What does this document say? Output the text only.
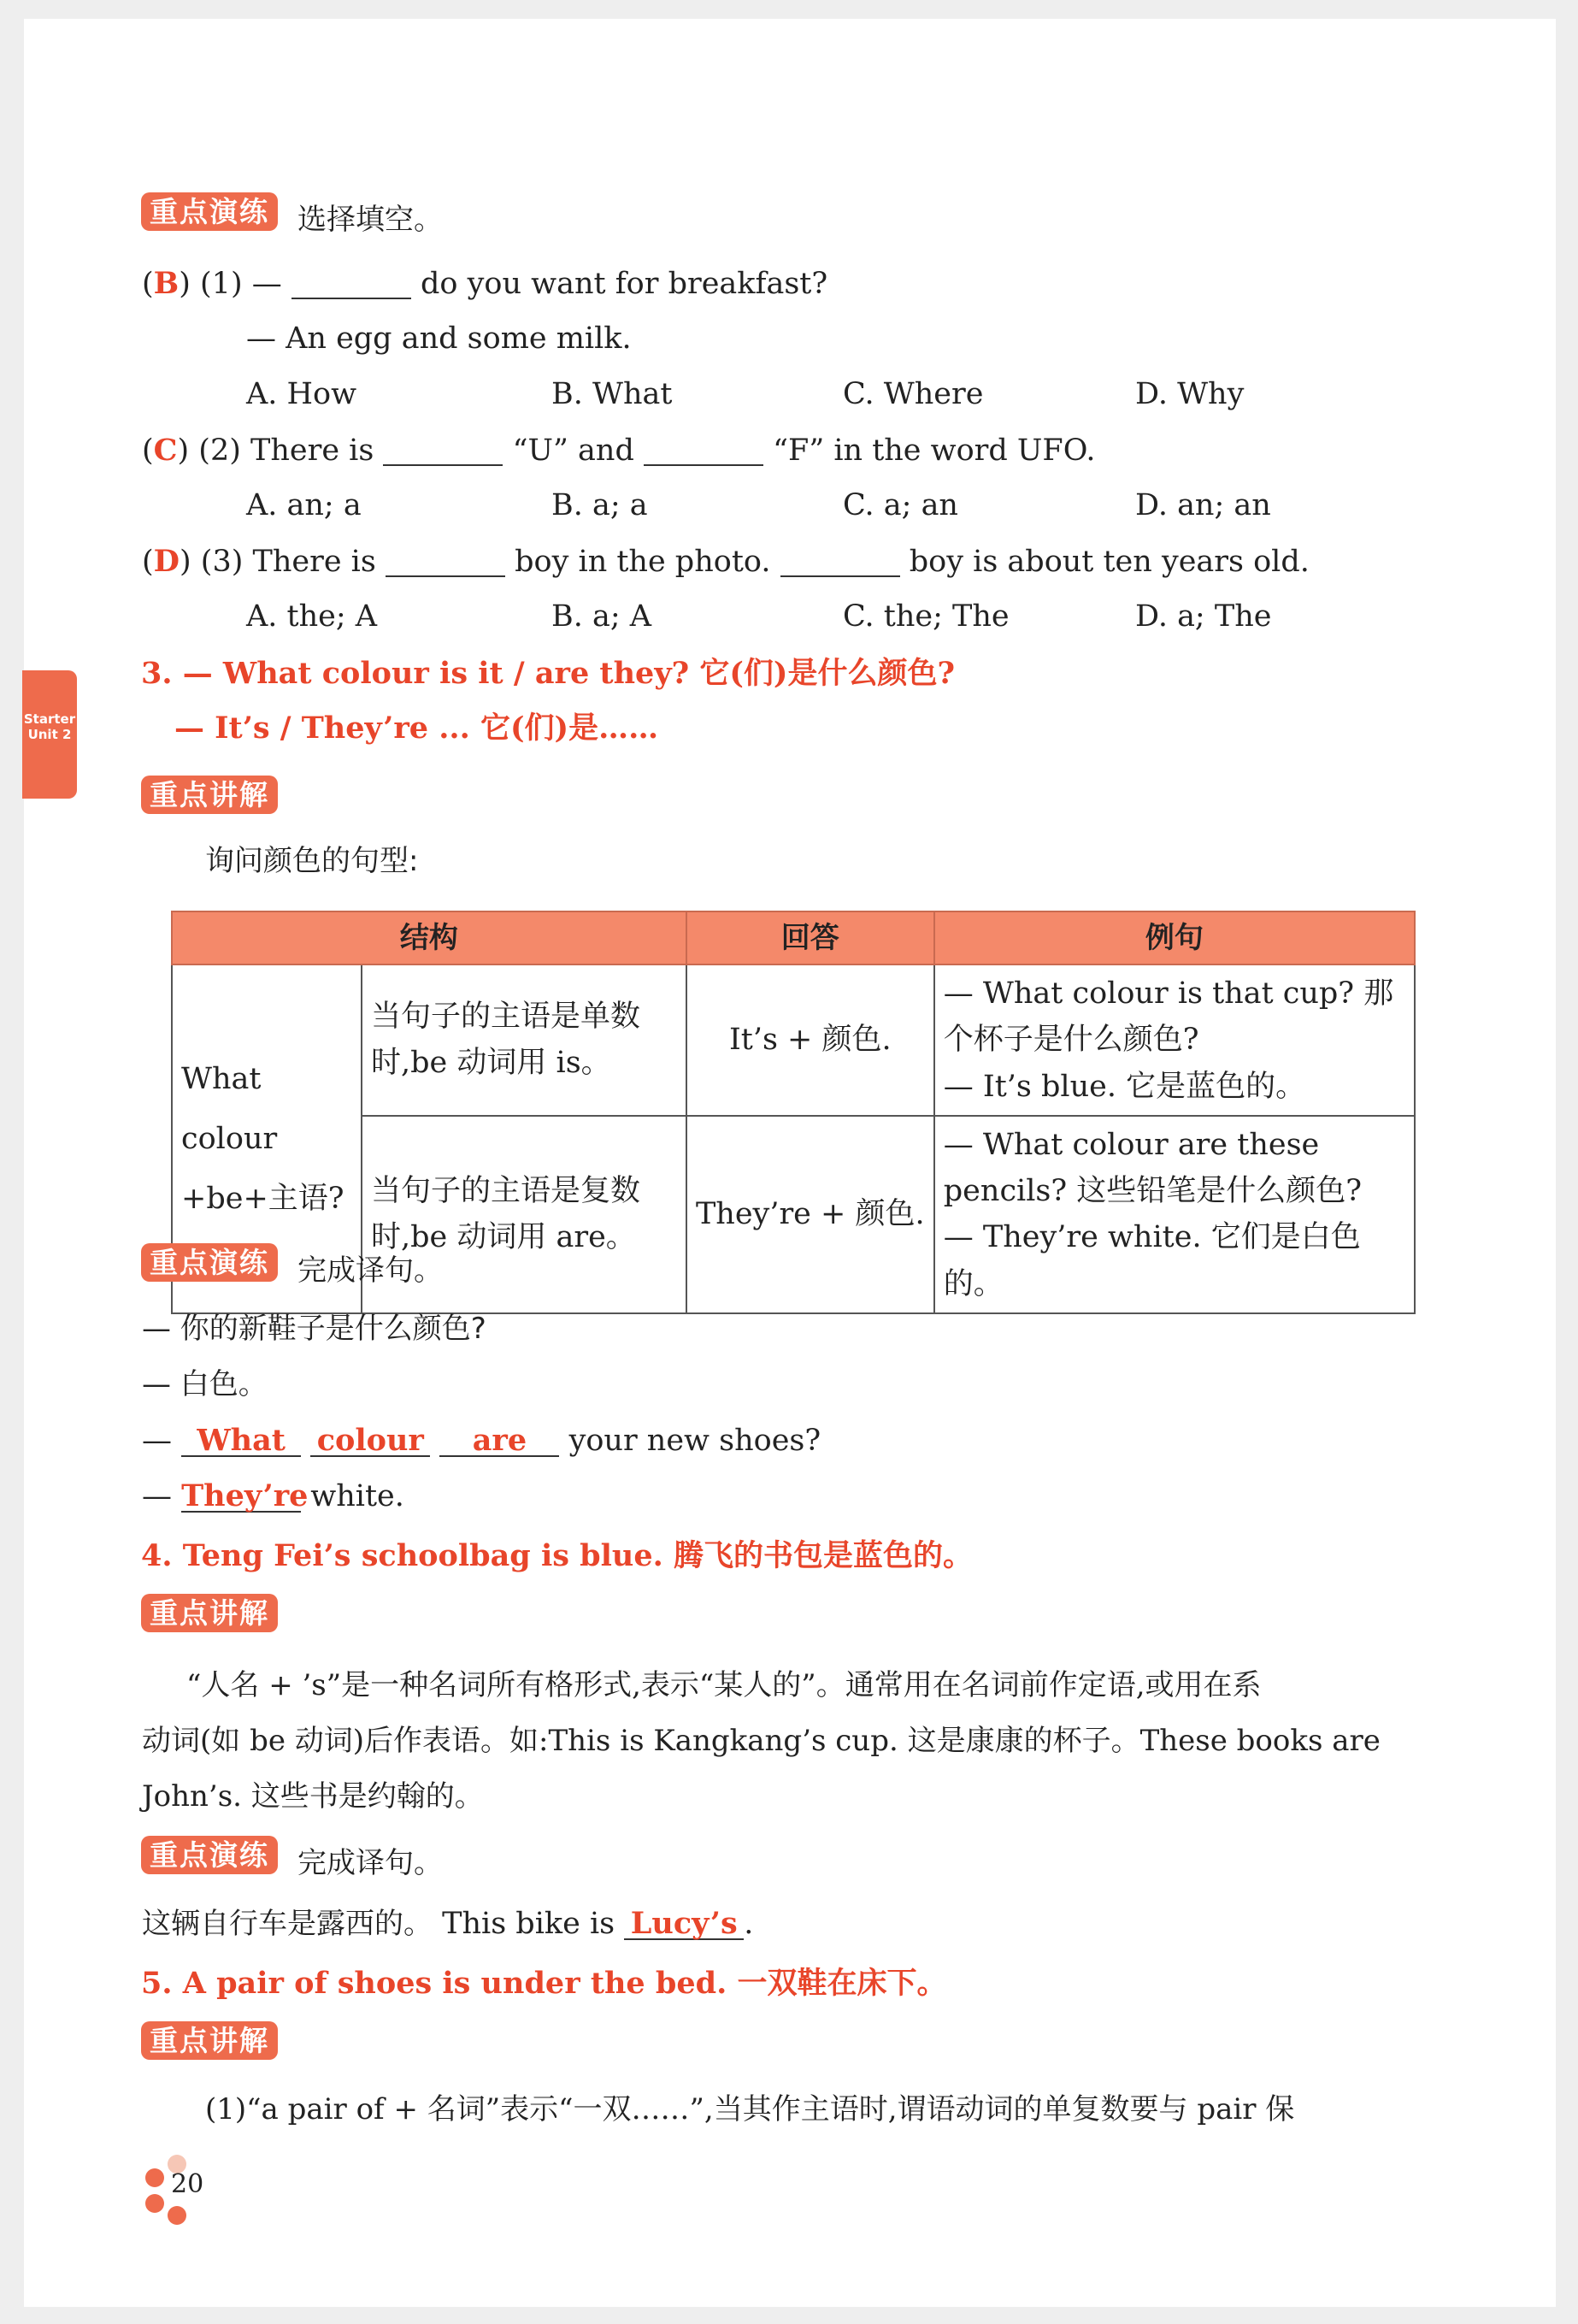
Starter
Unit 2
重点演练 选择填空。
(B) (1) —	do you want for breakfast?
— An egg and some milk.
A. How	B. What	C. Where	D. Why
(C) (2) There is	“U” and	“F” in the word UFO.
A. an; a	B. a; a	C. a; an	D. an; an
(D) (3) There is	boy in the photo.	boy is about ten years old.
A. the; A	B. a; A	C. the; The	D. a; The
3. — What colour is it / are they? 它(们)是什么颜色?
— It’s / They’re ... 它(们)是……
重点讲解
询问颜色的句型:
结构		回答	例句
What colour +be+主语?	当句子的主语是单数时,be 动词用 is。	It’s + 颜色.	— What colour is that cup? 那个杯子是什么颜色?
— It’s blue. 它是蓝色的。

	当句子的主语是复数时,be 动词用 are。	They’re + 颜色.	— What colour are these pencils? 这些铅笔是什么颜色?
— They’re white. 它们是白色的。
重点演练 完成译句。
— 你的新鞋子是什么颜色?
— 白色。
— What colour are your new shoes?
— They’re white.
4. Teng Fei’s schoolbag is blue. 腾飞的书包是蓝色的。
重点讲解
“人名 + ’s”是一种名词所有格形式,表示“某人的”。通常用在名词前作定语,或用在系
动词(如 be 动词)后作表语。如:This is Kangkang’s cup. 这是康康的杯子。These books are
John’s. 这些书是约翰的。
重点演练 完成译句。
这辆自行车是露西的。 This bike is Lucy’s .
5. A pair of shoes is under the bed. 一双鞋在床下。
重点讲解
(1)“a pair of + 名词”表示“一双……”,当其作主语时,谓语动词的单复数要与 pair 保
20
